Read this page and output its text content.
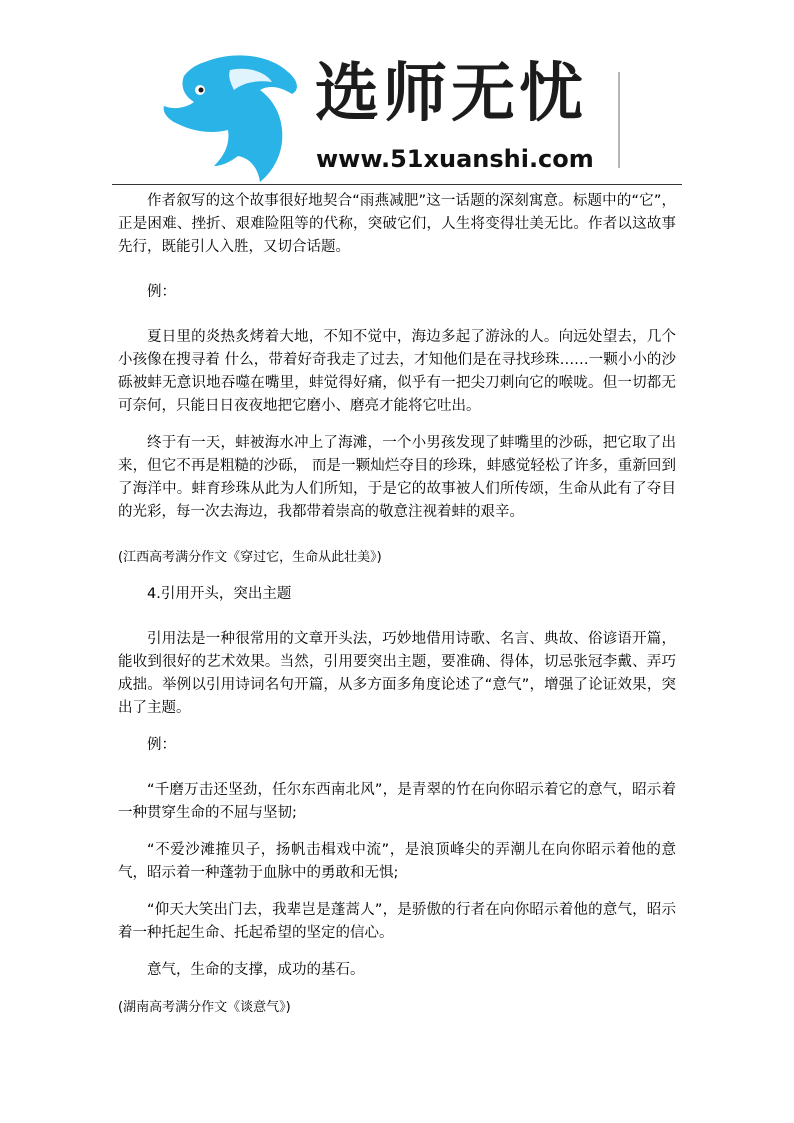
选师无忧
www.51xuanshi.com

作者叙写的这个故事很好地契合“雨燕减肥”这一话题的深刻寓意。标题中的“它”，正是困难、挫折、艰难险阻等的代称，突破它们，人生将变得壮美无比。作者以这故事先行，既能引人入胜，又切合话题。

例：

夏日里的炎热炙烤着大地，不知不觉中，海边多起了游泳的人。向远处望去，几个小孩像在搜寻着 什么，带着好奇我走了过去，才知他们是在寻找珍珠……一颗小小的沙砾被蚌无意识地吞噬在嘴里，蚌觉得好痛，似乎有一把尖刀刺向它的喉咙。但一切都无可奈何，只能日日夜夜地把它磨小、磨亮才能将它吐出。

终于有一天，蚌被海水冲上了海滩，一个小男孩发现了蚌嘴里的沙砾，把它取了出来，但它不再是粗糙的沙砾， 而是一颗灿烂夺目的珍珠，蚌感觉轻松了许多，重新回到了海洋中。蚌育珍珠从此为人们所知，于是它的故事被人们所传颂，生命从此有了夺目的光彩，每一次去海边，我都带着崇高的敬意注视着蚌的艰辛。

(江西高考满分作文《穿过它，生命从此壮美》)

4.引用开头，突出主题

引用法是一种很常用的文章开头法，巧妙地借用诗歌、名言、典故、俗谚语开篇，能收到很好的艺术效果。当然，引用要突出主题，要准确、得体，切忌张冠李戴、弄巧成拙。举例以引用诗词名句开篇，从多方面多角度论述了“意气”，增强了论证效果，突出了主题。

例：

“千磨万击还坚劲，任尔东西南北风”，是青翠的竹在向你昭示着它的意气，昭示着一种贯穿生命的不屈与坚韧;

“不爱沙滩搉贝子，扬帆击楫戏中流”，是浪顶峰尖的弄潮儿在向你昭示着他的意气，昭示着一种蓬勃于血脉中的勇敢和无惧;

“仰天大笑出门去，我辈岂是蓬蒿人”，是骄傲的行者在向你昭示着他的意气，昭示着一种托起生命、托起希望的坚定的信心。

意气，生命的支撑，成功的基石。

(湖南高考满分作文《谈意气》)
